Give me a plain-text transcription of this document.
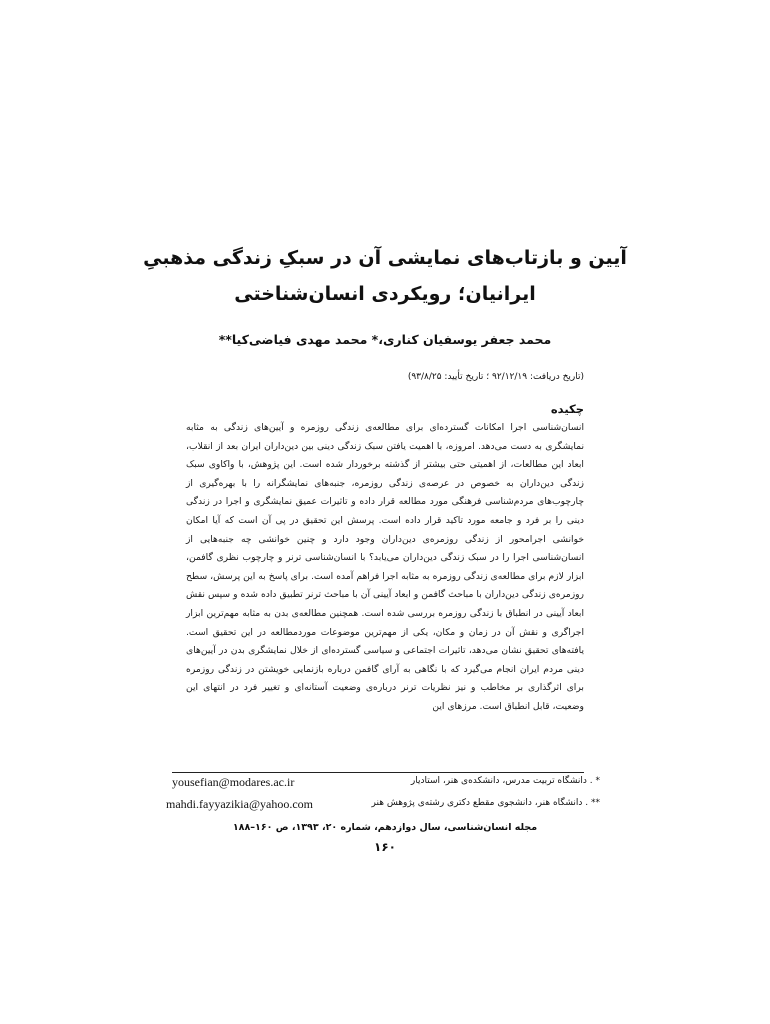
آیین و بازتاب‌های نمایشی آن در سبکِ زندگی مذهبیِ ایرانیان؛ رویکردی انسان‌شناختی
محمد جعفر یوسفیان کناری،* محمد مهدی فیاضی‌کیا**
(تاریخ دریافت: ۹۲/۱۲/۱۹ ؛ تاریخ تأیید: ۹۳/۸/۲۵)
چکیده

انسان‌شناسی اجرا امکانات گسترده‌ای برای مطالعه‌ی زندگی روزمره و آیین‌های زندگی به مثابه نمایشگری به دست می‌دهد. امروزه، با اهمیت یافتن سبک زندگی دینی بین دین‌داران ایران بعد از انقلاب، ابعاد این مطالعات، از اهمیتی حتی بیشتر از گذشته برخوردار شده است. این پژوهش، با واکاوی سبک زندگی دین‌داران به خصوص در عرصه‌ی زندگی روزمره، جنبه‌های نمایشگرانه را با بهره‌گیری از چارچوب‌های مردم‌شناسی فرهنگی مورد مطالعه قرار داده و تاثیرات عمیق نمایشگری و اجرا در زندگی دینی را بر فرد و جامعه مورد تاکید قرار داده است. پرسش این تحقیق در پی آن است که آیا امکان خوانشی اجرامحور از زندگی روزمره‌ی دین‌داران وجود دارد و چنین خوانشی چه جنبه‌هایی از انسان‌شناسی اجرا را در سبک زندگی دین‌داران می‌یابد؟ با انسان‌شناسی ترنر و چارچوب نظری گافمن، ابزار لازم برای مطالعه‌ی زندگی روزمره به مثابه اجرا فراهم آمده است. برای پاسخ به این پرسش، سطح روزمره‌ی زندگی دین‌داران با مباحث گافمن و ابعاد آیینی آن با مباحث ترنر تطبیق داده شده و سپس نقش ابعاد آیینی در انطباق با زندگی روزمره بررسی شده است. همچنین مطالعه‌ی بدن به مثابه مهم‌ترین ابزار اجراگری و نقش آن در زمان و مکان، یکی از مهم‌ترین موضوعات موردمطالعه در این تحقیق است. یافته‌های تحقیق نشان می‌دهد، تاثیرات اجتماعی و سیاسی گسترده‌ای از خلال نمایشگری بدن در آیین‌های دینی مردم ایران انجام می‌گیرد که با نگاهی به آرای گافمن درباره بازنمایی خویشتن در زندگی روزمره برای اثرگذاری بر مخاطب و نیز نظریات ترنر درباره‌ی وضعیت آستانه‌ای و تغییر فرد در انتهای این وضعیت، قابل انطباق است. مرزهای این

* . دانشگاه تربیت مدرس، دانشکده‌ی هنر، استادیار
yousefian@modares.ac.ir
** . دانشگاه هنر، دانشجوی مقطع دکتری رشته‌ی پژوهش هنر
mahdi.fayyazikia@yahoo.com
مجله انسان‌شناسی، سال دوازدهم، شماره ۲۰، ۱۳۹۳، ص ۱۶۰–۱۸۸
۱۶۰
